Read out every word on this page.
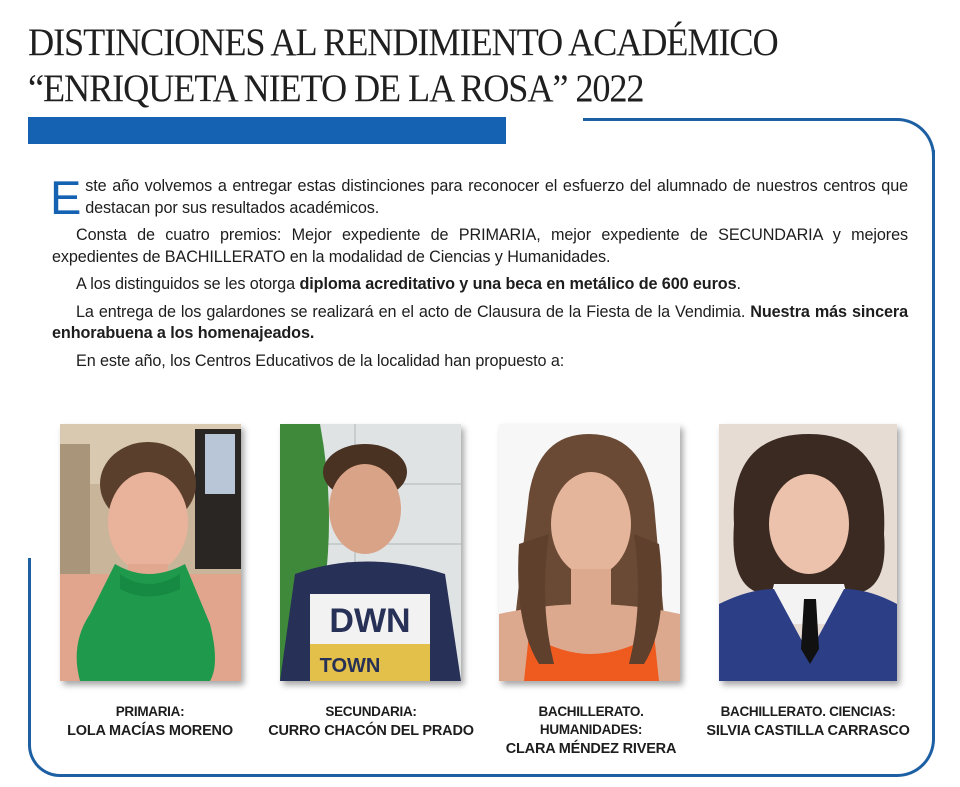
DISTINCIONES AL RENDIMIENTO ACADÉMICO
“ENRIQUETA NIETO DE LA ROSA” 2022

Este año volvemos a entregar estas distinciones para reconocer el esfuerzo del alumnado de nuestros centros que destacan por sus resultados académicos.

Consta de cuatro premios: Mejor expediente de PRIMARIA, mejor expediente de SECUNDARIA y mejores expedientes de BACHILLERATO en la modalidad de Ciencias y Humanidades.

A los distinguidos se les otorga diploma acreditativo y una beca en metálico de 600 euros.

La entrega de los galardones se realizará en el acto de Clausura de la Fiesta de la Vendimia. Nuestra más sincera enhorabuena a los homenajeados.

En este año, los Centros Educativos de la localidad han propuesto a:

DWN
TOWN
PRIMARIA:
LOLA MACÍAS MORENO
SECUNDARIA:
CURRO CHACÓN DEL PRADO
BACHILLERATO. HUMANIDADES:
CLARA MÉNDEZ RIVERA
BACHILLERATO. CIENCIAS:
SILVIA CASTILLA CARRASCO
